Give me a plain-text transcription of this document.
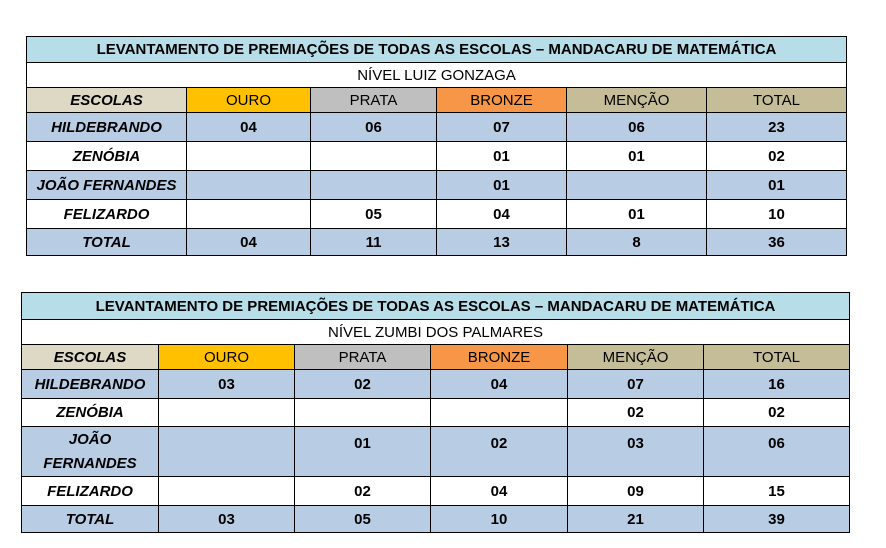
LEVANTAMENTO DE PREMIAÇÕES DE TODAS AS ESCOLAS – MANDACARU DE MATEMÁTICA					
NÍVEL LUIZ GONZAGA					
ESCOLAS	OURO	PRATA	BRONZE	MENÇÃO	TOTAL
HILDEBRANDO	04	06	07	06	23
ZENÓBIA			01	01	02
JOÃO FERNANDES			01		01
FELIZARDO		05	04	01	10
TOTAL	04	11	13	8	36
LEVANTAMENTO DE PREMIAÇÕES DE TODAS AS ESCOLAS – MANDACARU DE MATEMÁTICA					
NÍVEL ZUMBI DOS PALMARES					
ESCOLAS	OURO	PRATA	BRONZE	MENÇÃO	TOTAL
HILDEBRANDO	03	02	04	07	16
ZENÓBIA				02	02
JOÃO
FERNANDES		01	02	03	06
FELIZARDO		02	04	09	15
TOTAL	03	05	10	21	39
